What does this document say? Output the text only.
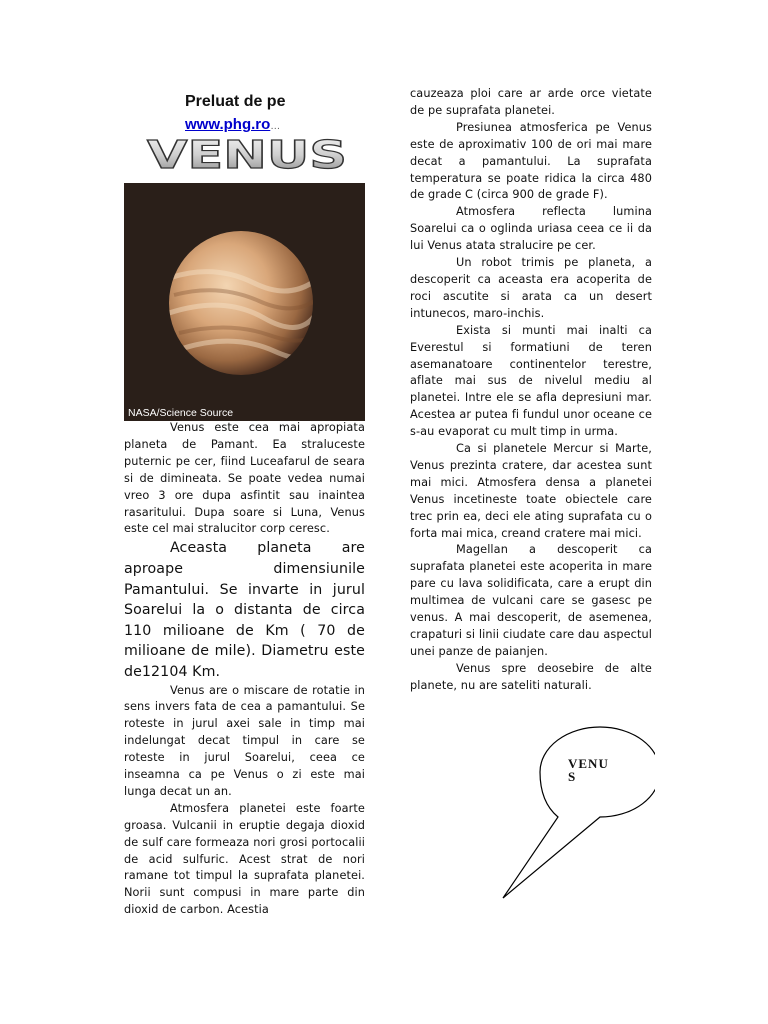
Preluat de pe
www.phg.ro…
VENUS
NASA/Science Source

Venus este cea mai apropiata planeta de Pamant. Ea straluceste puternic pe cer, fiind Luceafarul de seara si de dimineata. Se poate vedea numai vreo 3 ore dupa asfintit sau inaintea rasaritului. Dupa soare si Luna, Venus este cel mai stralucitor corp ceresc.

Aceasta planeta are aproape dimensiunile Pamantului. Se invarte in jurul Soarelui la o distanta de circa 110 milioane de Km ( 70 de milioane de mile). Diametru este de12104 Km.

Venus are o miscare de rotatie in sens invers fata de cea a pamantului. Se roteste in jurul axei sale in timp mai indelungat decat timpul in care se roteste in jurul Soarelui, ceea ce inseamna ca pe Venus o zi este mai lunga decat un an.

Atmosfera planetei este foarte groasa. Vulcanii in eruptie degaja dioxid de sulf care formeaza nori grosi portocalii de acid sulfuric. Acest strat de nori ramane tot timpul la suprafata planetei. Norii sunt compusi in mare parte din dioxid de carbon. Acestia

cauzeaza ploi care ar arde orce vietate de pe suprafata planetei.

Presiunea atmosferica pe Venus este de aproximativ 100 de ori mai mare decat a pamantului. La suprafata temperatura se poate ridica la circa 480 de grade C (circa 900 de grade F).

Atmosfera reflecta lumina Soarelui ca o oglinda uriasa ceea ce ii da lui Venus atata stralucire pe cer.

Un robot trimis pe planeta, a descoperit ca aceasta era acoperita de roci ascutite si arata ca un desert intunecos, maro-inchis.

Exista si munti mai inalti ca Everestul si formatiuni de teren asemanatoare continentelor terestre, aflate mai sus de nivelul mediu al planetei. Intre ele se afla depresiuni mar. Acestea ar putea fi fundul unor oceane ce s-au evaporat cu mult timp in urma.

Ca si planetele Mercur si Marte, Venus prezinta cratere, dar acestea sunt mai mici. Atmosfera densa a planetei Venus incetineste toate obiectele care trec prin ea, deci ele ating suprafata cu o forta mai mica, creand cratere mai mici.

Magellan a descoperit ca suprafata planetei este acoperita in mare pare cu lava solidificata, care a erupt din multimea de vulcani care se gasesc pe venus. A mai descoperit, de asemenea, crapaturi si linii ciudate care dau aspectul unei panze de paianjen.

Venus spre deosebire de alte planete, nu are sateliti naturali.

VENU
S
